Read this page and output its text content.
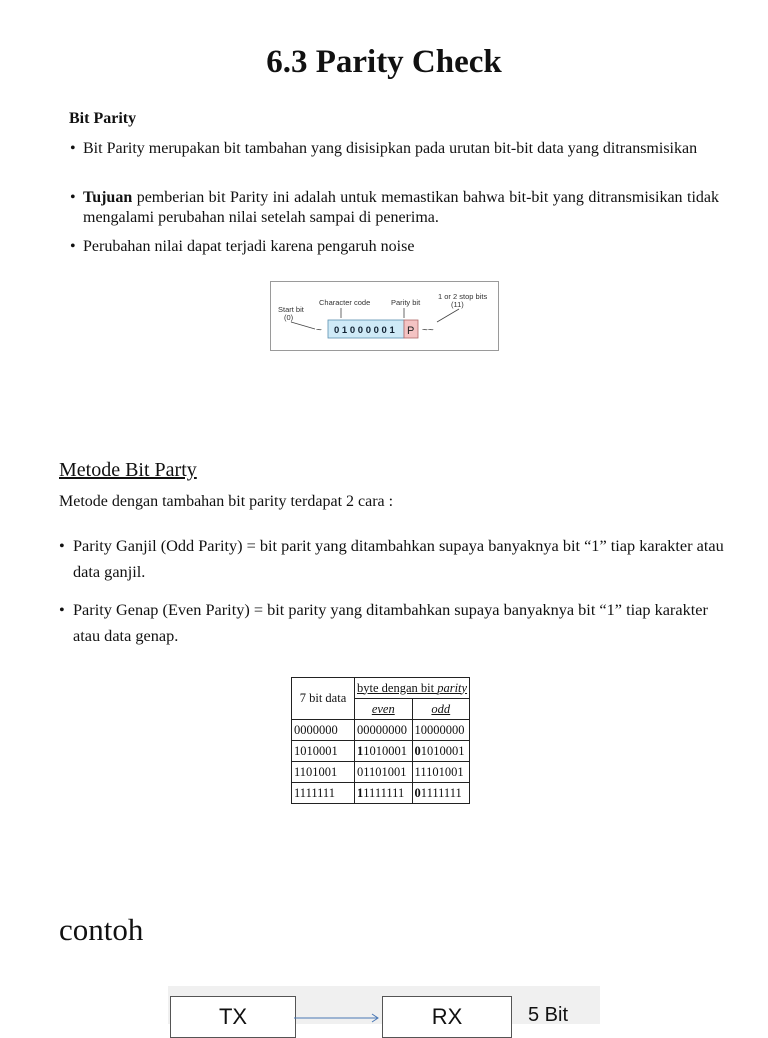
6.3 Parity Check
Bit Parity
• Bit Parity merupakan bit tambahan yang disisipkan pada urutan bit-bit data yang ditransmisikan
• Tujuan pemberian bit Parity ini adalah untuk memastikan bahwa bit-bit yang ditransmisikan tidak mengalami perubahan nilai setelah sampai di penerima.
• Perubahan nilai dapat terjadi karena pengaruh noise
Start bit
(0)
Character code	Parity bit
1 or 2 stop bits
(11)
0 1 0 0 0 0 0 1 P
~	~~
Metode Bit Party
Metode dengan tambahan bit parity terdapat 2 cara :
• Parity Ganjil (Odd Parity) = bit parit yang ditambahkan supaya banyaknya bit “1” tiap karakter atau data ganjil.
• Parity Genap (Even Parity) = bit parity yang ditambahkan supaya banyaknya bit “1” tiap karakter atau data genap.
7 bit data	byte dengan bit parity	
	even	odd
0000000	00000000	10000000
1010001	11010001	01010001
1101001	01101001	11101001
1111111	11111111	01111111
contoh
TX	RX	5 Bit
